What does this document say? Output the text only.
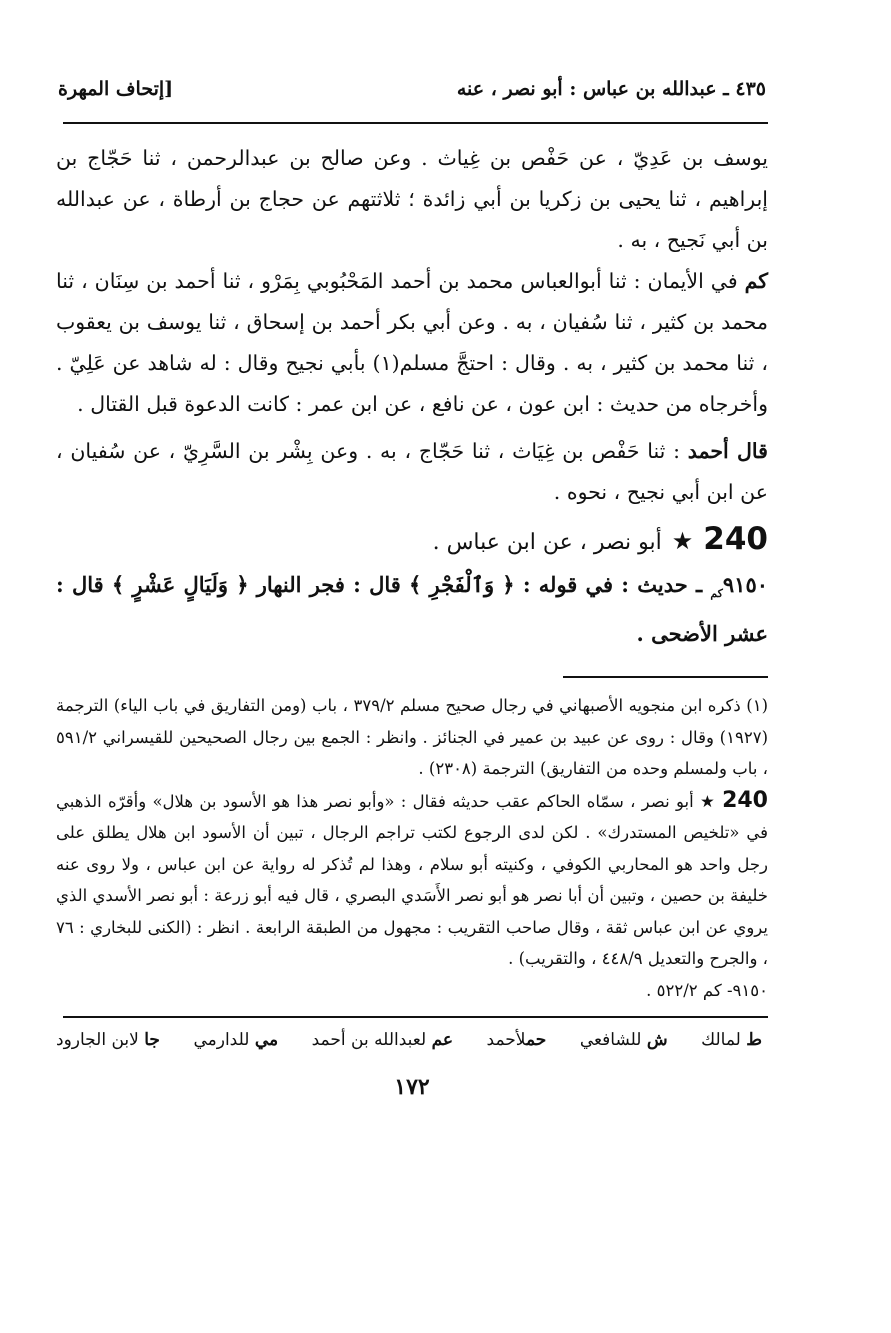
٤٣٥ ـ عبدالله بن عباس : أبو نصر ، عنه
[إتحاف المهرة

يوسف بن عَدِيّ ، عن حَفْص بن غِياث . وعن صالح بن عبدالرحمن ، ثنا حَجّاج بن إبراهيم ، ثنا يحيى بن زكريا بن أبي زائدة ؛ ثلاثتهم عن حجاج بن أرطاة ، عن عبدالله بن أبي نَجيح ، به .

كم في الأيمان : ثنا أبوالعباس محمد بن أحمد المَحْبُوبي بِمَرْو ، ثنا أحمد بن سِنَان ، ثنا محمد بن كثير ، ثنا سُفيان ، به . وعن أبي بكر أحمد بن إسحاق ، ثنا يوسف بن يعقوب ، ثنا محمد بن كثير ، به . وقال : احتجَّ مسلم(١) بأبي نجيح وقال : له شاهد عن عَلِيّ . وأخرجاه من حديث : ابن عون ، عن نافع ، عن ابن عمر : كانت الدعوة قبل القتال .

قال أحمد : ثنا حَفْص بن غِيَاث ، ثنا حَجّاج ، به . وعن بِشْر بن السَّرِيّ ، عن سُفيان ، عن ابن أبي نجيح ، نحوه .

240
★
أبو نصر ، عن ابن عباس .
$٩١٥٠_{كم}$ ـ حديث : في قوله : ﴿ وَٱلْفَجْرِ ﴾ قال : فجر النهار ﴿ وَلَيَالٍ عَشْرٍ ﴾ قال : عشر الأضحى .

(١) ذكره ابن منجويه الأصبهاني في رجال صحيح مسلم ٣٧٩/٢ ، باب (ومن التفاريق في باب الياء) الترجمة (١٩٢٧) وقال : روى عن عبيد بن عمير في الجنائز . وانظر : الجمع بين رجال الصحيحين للقيسراني ٥٩١/٢ ، باب ولمسلم وحده من التفاريق) الترجمة (٢٣٠٨) .

240 ★ أبو نصر ، سمّاه الحاكم عقب حديثه فقال : «وأبو نصر هذا هو الأسود بن هلال» وأقرّه الذهبي في «تلخيص المستدرك» . لكن لدى الرجوع لكتب تراجم الرجال ، تبين أن الأسود ابن هلال يطلق على رجل واحد هو المحاربي الكوفي ، وكنيته أبو سلام ، وهذا لم تُذكر له رواية عن ابن عباس ، ولا روى عنه خليفة بن حصين ، وتبين أن أبا نصر هو أبو نصر الأَسَدي البصري ، قال فيه أبو زرعة : أبو نصر الأسدي الذي يروي عن ابن عباس ثقة ، وقال صاحب التقريب : مجهول من الطبقة الرابعة . انظر : (الكنى للبخاري : ٧٦ ، والجرح والتعديل ٤٤٨/٩ ، والتقريب) .

٩١٥٠- كم ٥٢٢/٢ .

ط لمالك
ش للشافعي
حملأحمد
عم لعبدالله بن أحمد
مي للدارمي
جا لابن الجارود
١٧٢
